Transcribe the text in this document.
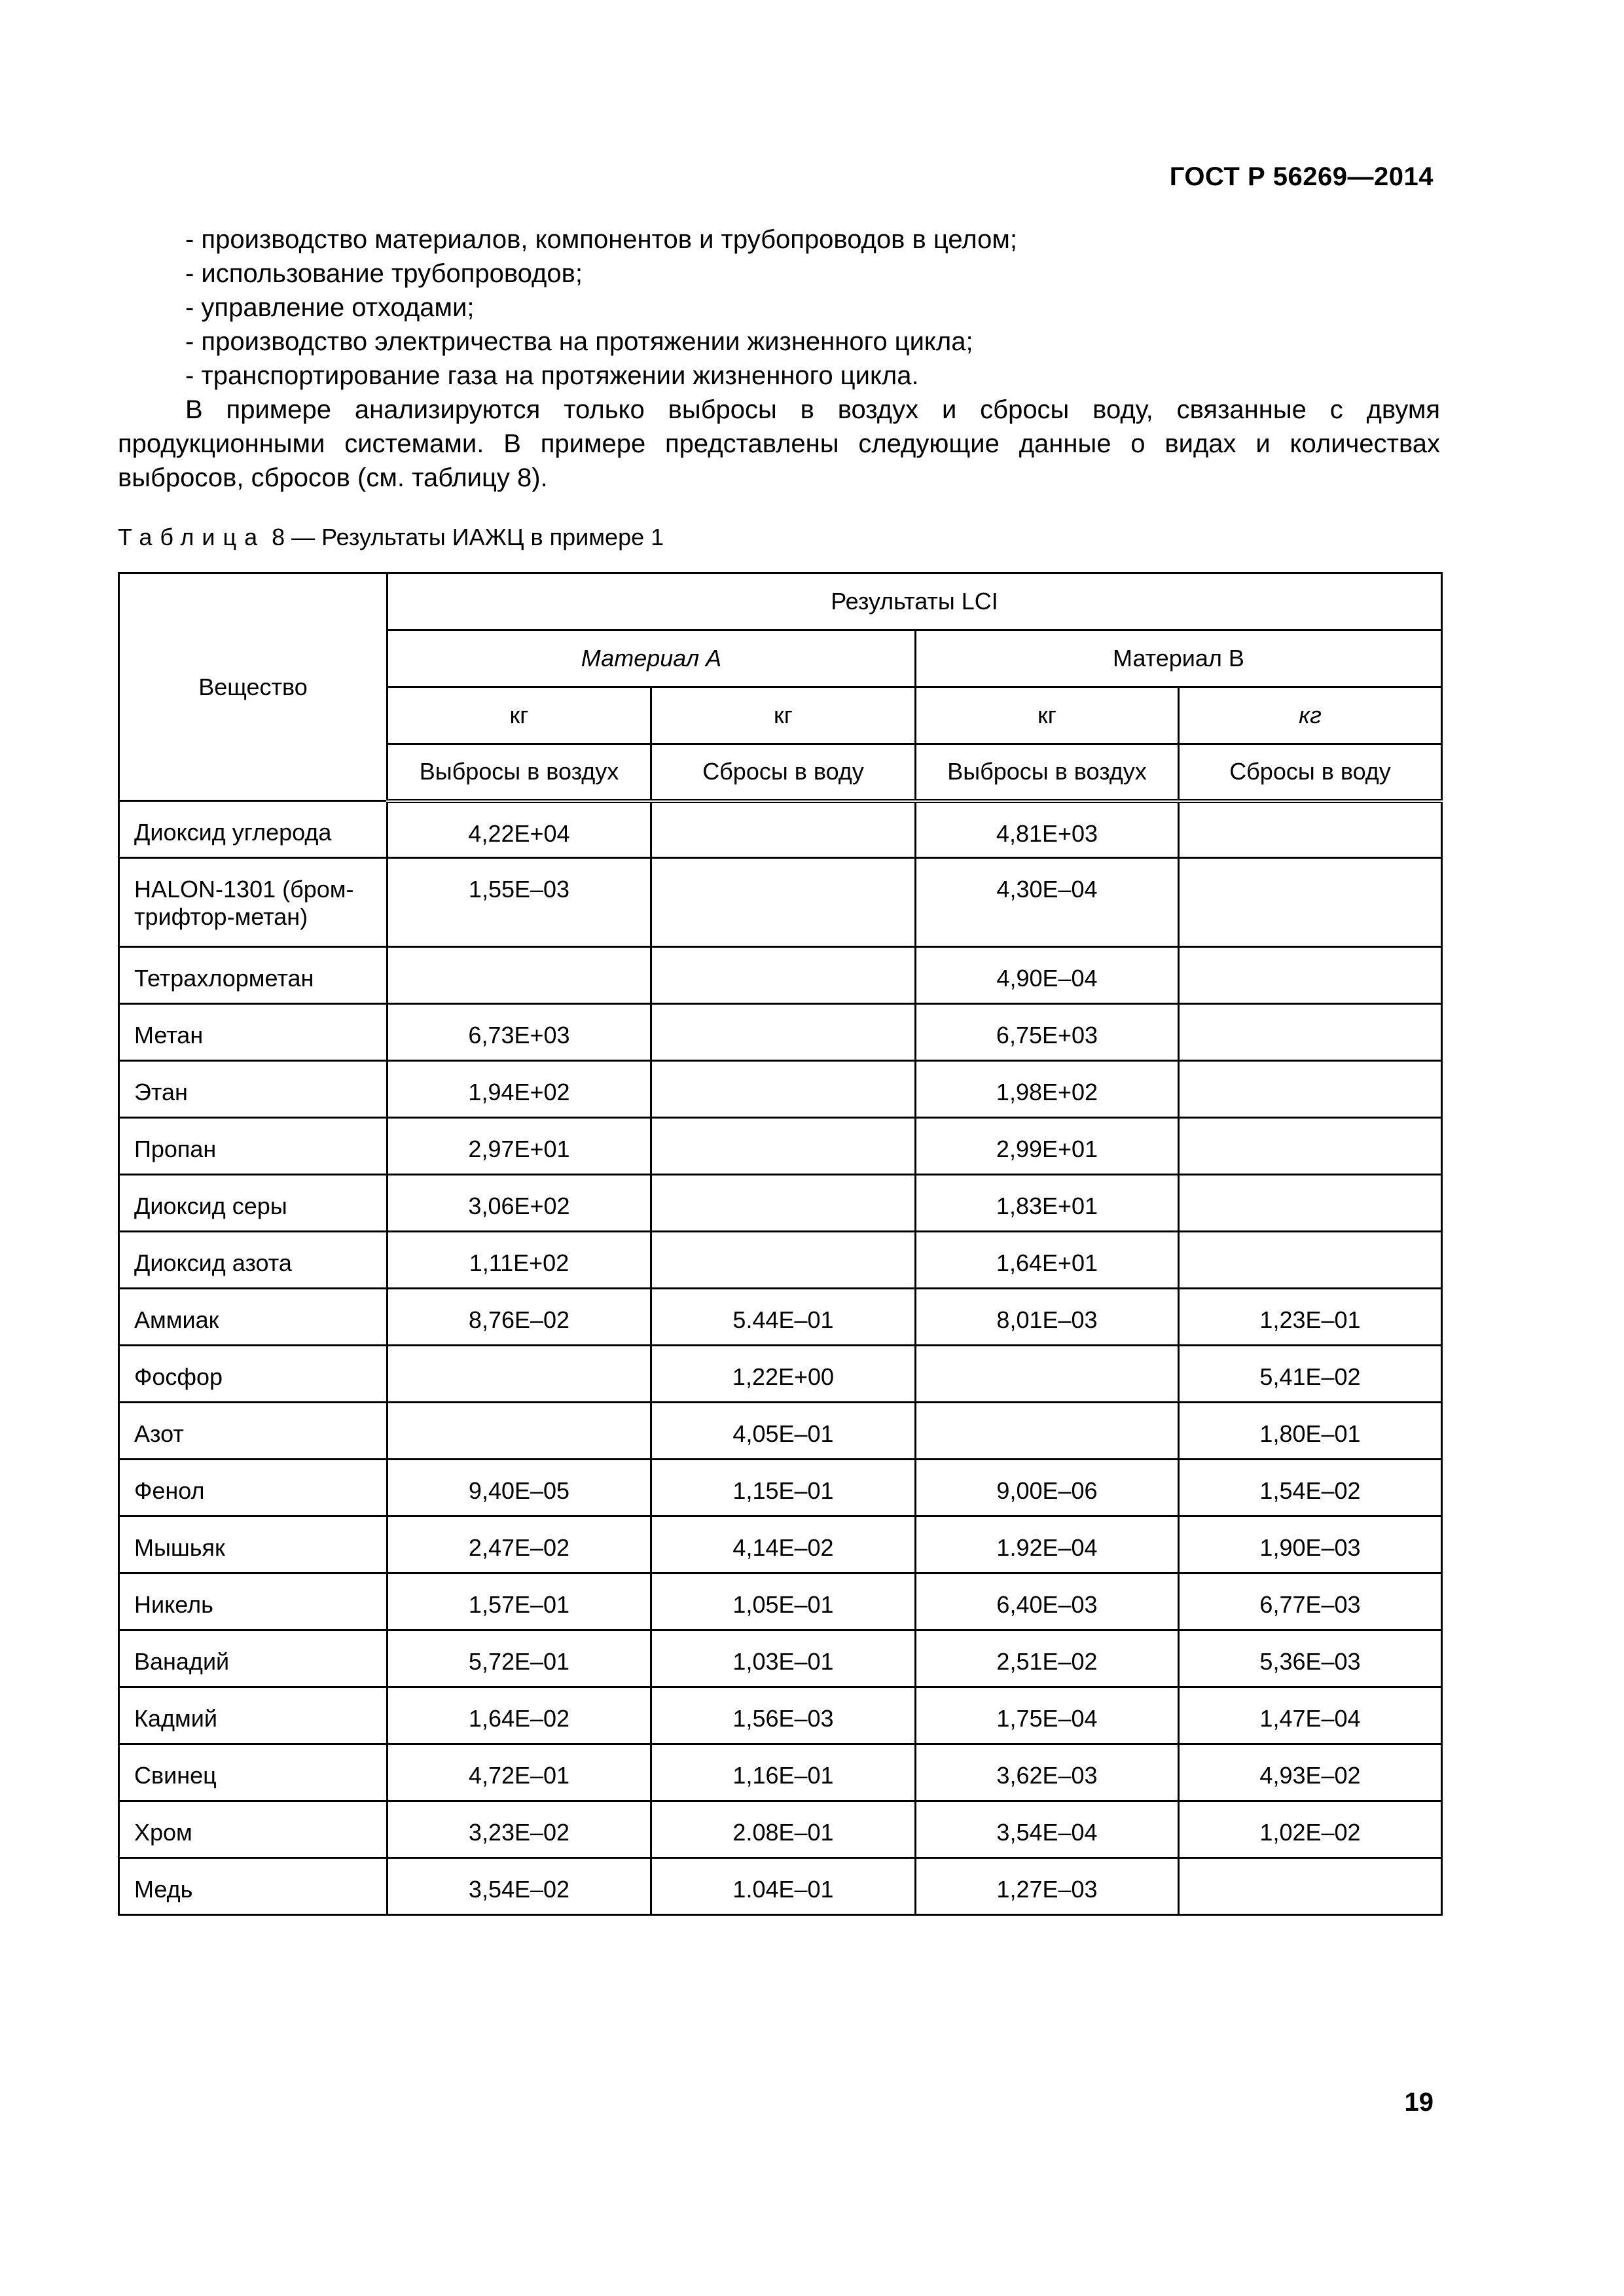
ГОСТ Р 56269—2014

- производство материалов, компонентов и трубопроводов в целом;

- использование трубопроводов;

- управление отходами;

- производство электричества на протяжении жизненного цикла;

- транспортирование газа на протяжении жизненного цикла.

В примере анализируются только выбросы в воздух и сбросы воду, связанные с двумя продукционными системами. В примере представлены следующие данные о видах и количествах выбросов, сбросов (см. таблицу 8).

Таблица 8 — Результаты ИАЖЦ в примере 1
Вещество	Результаты LCI			
	Материал А		Материал В	
	кг	кг	кг	кг
	Выбросы в воздух	Сбросы в воду	Выбросы в воздух	Сбросы в воду
Диоксид углерода	4,22E+04		4,81E+03	
HALON-1301 (бром-трифтор-метан)	1,55E–03		4,30E–04	
Тетрахлорметан			4,90E–04	
Метан	6,73E+03		6,75E+03	
Этан	1,94E+02		1,98E+02	
Пропан	2,97E+01		2,99E+01	
Диоксид серы	3,06E+02		1,83E+01	
Диоксид азота	1,11E+02		1,64E+01	
Аммиак	8,76E–02	5.44E–01	8,01E–03	1,23E–01
Фосфор		1,22E+00		5,41E–02
Азот		4,05E–01		1,80E–01
Фенол	9,40E–05	1,15E–01	9,00E–06	1,54E–02
Мышьяк	2,47E–02	4,14E–02	1.92E–04	1,90E–03
Никель	1,57E–01	1,05E–01	6,40E–03	6,77E–03
Ванадий	5,72E–01	1,03E–01	2,51E–02	5,36E–03
Кадмий	1,64E–02	1,56E–03	1,75E–04	1,47E–04
Свинец	4,72E–01	1,16E–01	3,62E–03	4,93E–02
Хром	3,23E–02	2.08E–01	3,54E–04	1,02E–02
Медь	3,54E–02	1.04E–01	1,27E–03	
19
